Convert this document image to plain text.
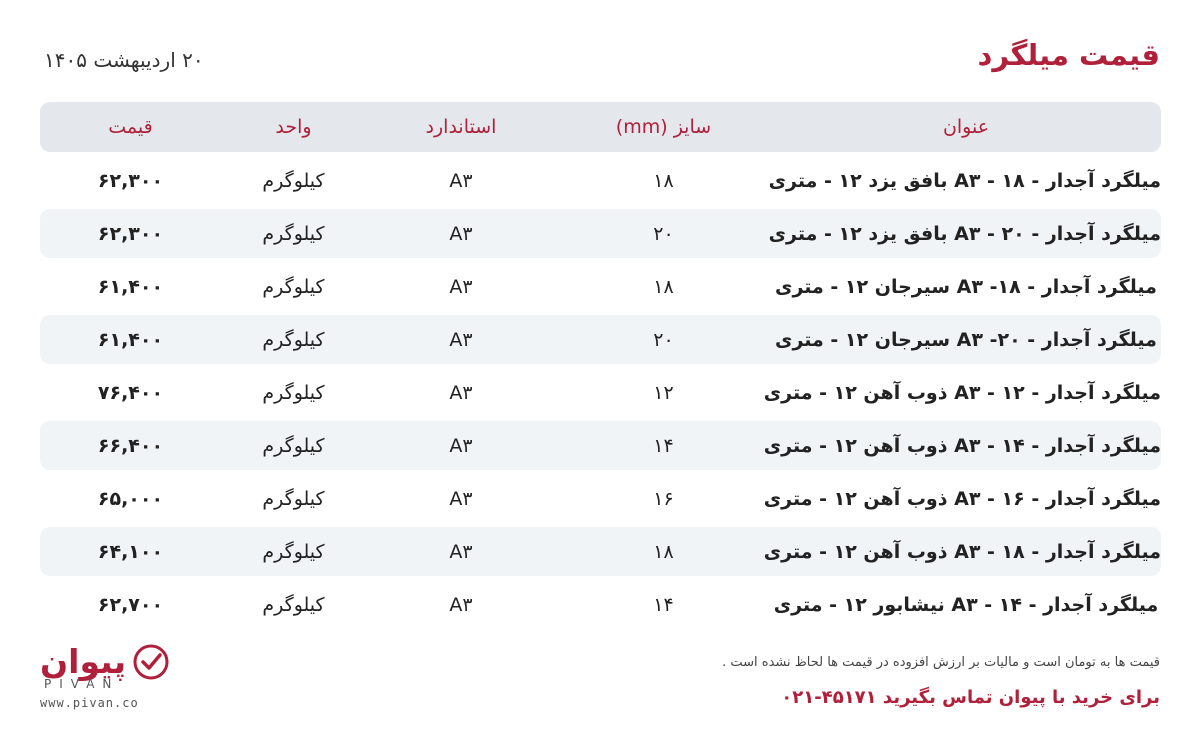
قیمت میلگرد
۲۰ اردیبهشت ۱۴۰۵
عنوان
سایز (mm)
استاندارد
واحد
قیمت
میلگرد آجدار - A۳ - ۱۸ بافق یزد ۱۲ - متری
۱۸
A۳
کیلوگرم
۶۲,۳۰۰
میلگرد آجدار - A۳ - ۲۰ بافق یزد ۱۲ - متری
۲۰
A۳
کیلوگرم
۶۲,۳۰۰
میلگرد آجدار - A۳ -۱۸ سیرجان ۱۲ - متری
۱۸
A۳
کیلوگرم
۶۱,۴۰۰
میلگرد آجدار - A۳ -۲۰ سیرجان ۱۲ - متری
۲۰
A۳
کیلوگرم
۶۱,۴۰۰
میلگرد آجدار - A۳ - ۱۲ ذوب آهن ۱۲ - متری
۱۲
A۳
کیلوگرم
۷۶,۴۰۰
میلگرد آجدار - A۳ - ۱۴ ذوب آهن ۱۲ - متری
۱۴
A۳
کیلوگرم
۶۶,۴۰۰
میلگرد آجدار - A۳ - ۱۶ ذوب آهن ۱۲ - متری
۱۶
A۳
کیلوگرم
۶۵,۰۰۰
میلگرد آجدار - A۳ - ۱۸ ذوب آهن ۱۲ - متری
۱۸
A۳
کیلوگرم
۶۴,۱۰۰
میلگرد آجدار - A۳ - ۱۴ نیشابور ۱۲ - متری
۱۴
A۳
کیلوگرم
۶۲,۷۰۰
قیمت ها به تومان است و مالیات بر ارزش افزوده در قیمت ها لحاظ نشده است .
برای خرید با پیوان تماس بگیرید ۴۵۱۷۱-۰۲۱
پیوان
PIVAN
www.pivan.co
